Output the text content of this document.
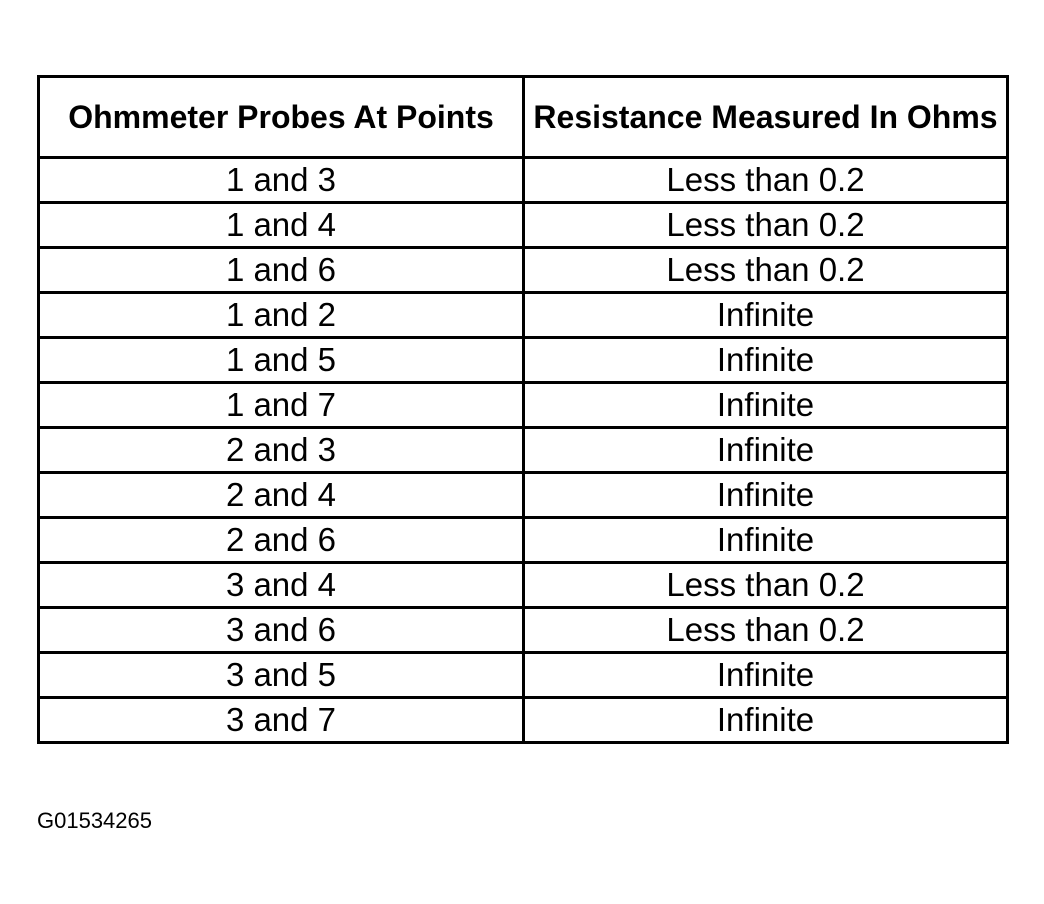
Ohmmeter Probes At Points	Resistance Measured In Ohms
1 and 3	Less than 0.2
1 and 4	Less than 0.2
1 and 6	Less than 0.2
1 and 2	Infinite
1 and 5	Infinite
1 and 7	Infinite
2 and 3	Infinite
2 and 4	Infinite
2 and 6	Infinite
3 and 4	Less than 0.2
3 and 6	Less than 0.2
3 and 5	Infinite
3 and 7	Infinite
G01534265
